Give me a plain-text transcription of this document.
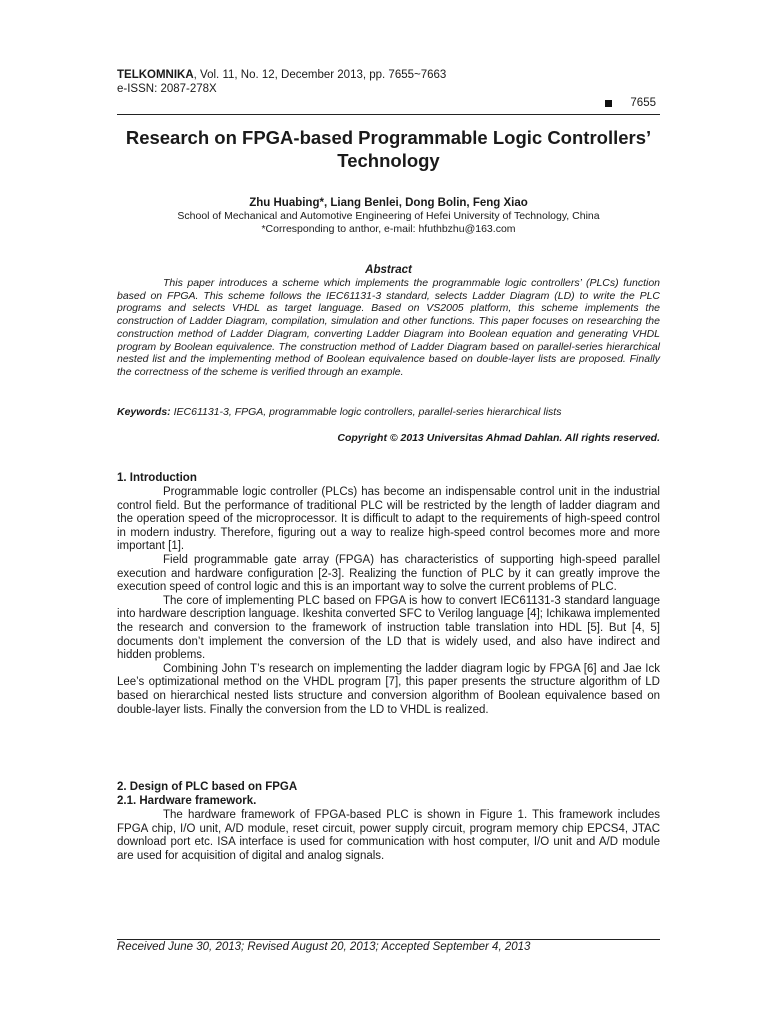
TELKOMNIKA, Vol. 11, No. 12, December 2013, pp. 7655~7663
e-ISSN: 2087-278X
7655
Research on FPGA-based Programmable Logic Controllers’ Technology
Zhu Huabing*, Liang Benlei, Dong Bolin, Feng Xiao
School of Mechanical and Automotive Engineering of Hefei University of Technology, China
*Corresponding to anthor, e-mail: hfuthbzhu@163.com
Abstract
This paper introduces a scheme which implements the programmable logic controllers’ (PLCs) function based on FPGA. This scheme follows the IEC61131-3 standard, selects Ladder Diagram (LD) to write the PLC programs and selects VHDL as target language. Based on VS2005 platform, this scheme implements the construction of Ladder Diagram, compilation, simulation and other functions. This paper focuses on researching the construction method of Ladder Diagram, converting Ladder Diagram into Boolean equation and generating VHDL program by Boolean equivalence. The construction method of Ladder Diagram based on parallel-series hierarchical nested list and the implementing method of Boolean equivalence based on double-layer lists are proposed. Finally the correctness of the scheme is verified through an example.
Keywords: IEC61131-3, FPGA, programmable logic controllers, parallel-series hierarchical lists
Copyright © 2013 Universitas Ahmad Dahlan. All rights reserved.
1. Introduction

Programmable logic controller (PLCs) has become an indispensable control unit in the industrial control field. But the performance of traditional PLC will be restricted by the length of ladder diagram and the operation speed of the microprocessor. It is difficult to adapt to the requirements of high-speed control in modern industry. Therefore, figuring out a way to realize high-speed control becomes more and more important [1].

Field programmable gate array (FPGA) has characteristics of supporting high-speed parallel execution and hardware configuration [2-3]. Realizing the function of PLC by it can greatly improve the execution speed of control logic and this is an important way to solve the current problems of PLC.

The core of implementing PLC based on FPGA is how to convert IEC61131-3 standard language into hardware description language. Ikeshita converted SFC to Verilog language [4]; Ichikawa implemented the research and conversion to the framework of instruction table translation into HDL [5]. But [4, 5] documents don’t implement the conversion of the LD that is widely used, and also have indirect and hidden problems.

Combining John T’s research on implementing the ladder diagram logic by FPGA [6] and Jae Ick Lee’s optimizational method on the VHDL program [7], this paper presents the structure algorithm of LD based on hierarchical nested lists structure and conversion algorithm of Boolean equivalence based on double-layer lists. Finally the conversion from the LD to VHDL is realized.

2. Design of PLC based on FPGA
2.1. Hardware framework.

The hardware framework of FPGA-based PLC is shown in Figure 1. This framework includes FPGA chip, I/O unit, A/D module, reset circuit, power supply circuit, program memory chip EPCS4, JTAC download port etc. ISA interface is used for communication with host computer, I/O unit and A/D module are used for acquisition of digital and analog signals.

Received June 30, 2013; Revised August 20, 2013; Accepted September 4, 2013
